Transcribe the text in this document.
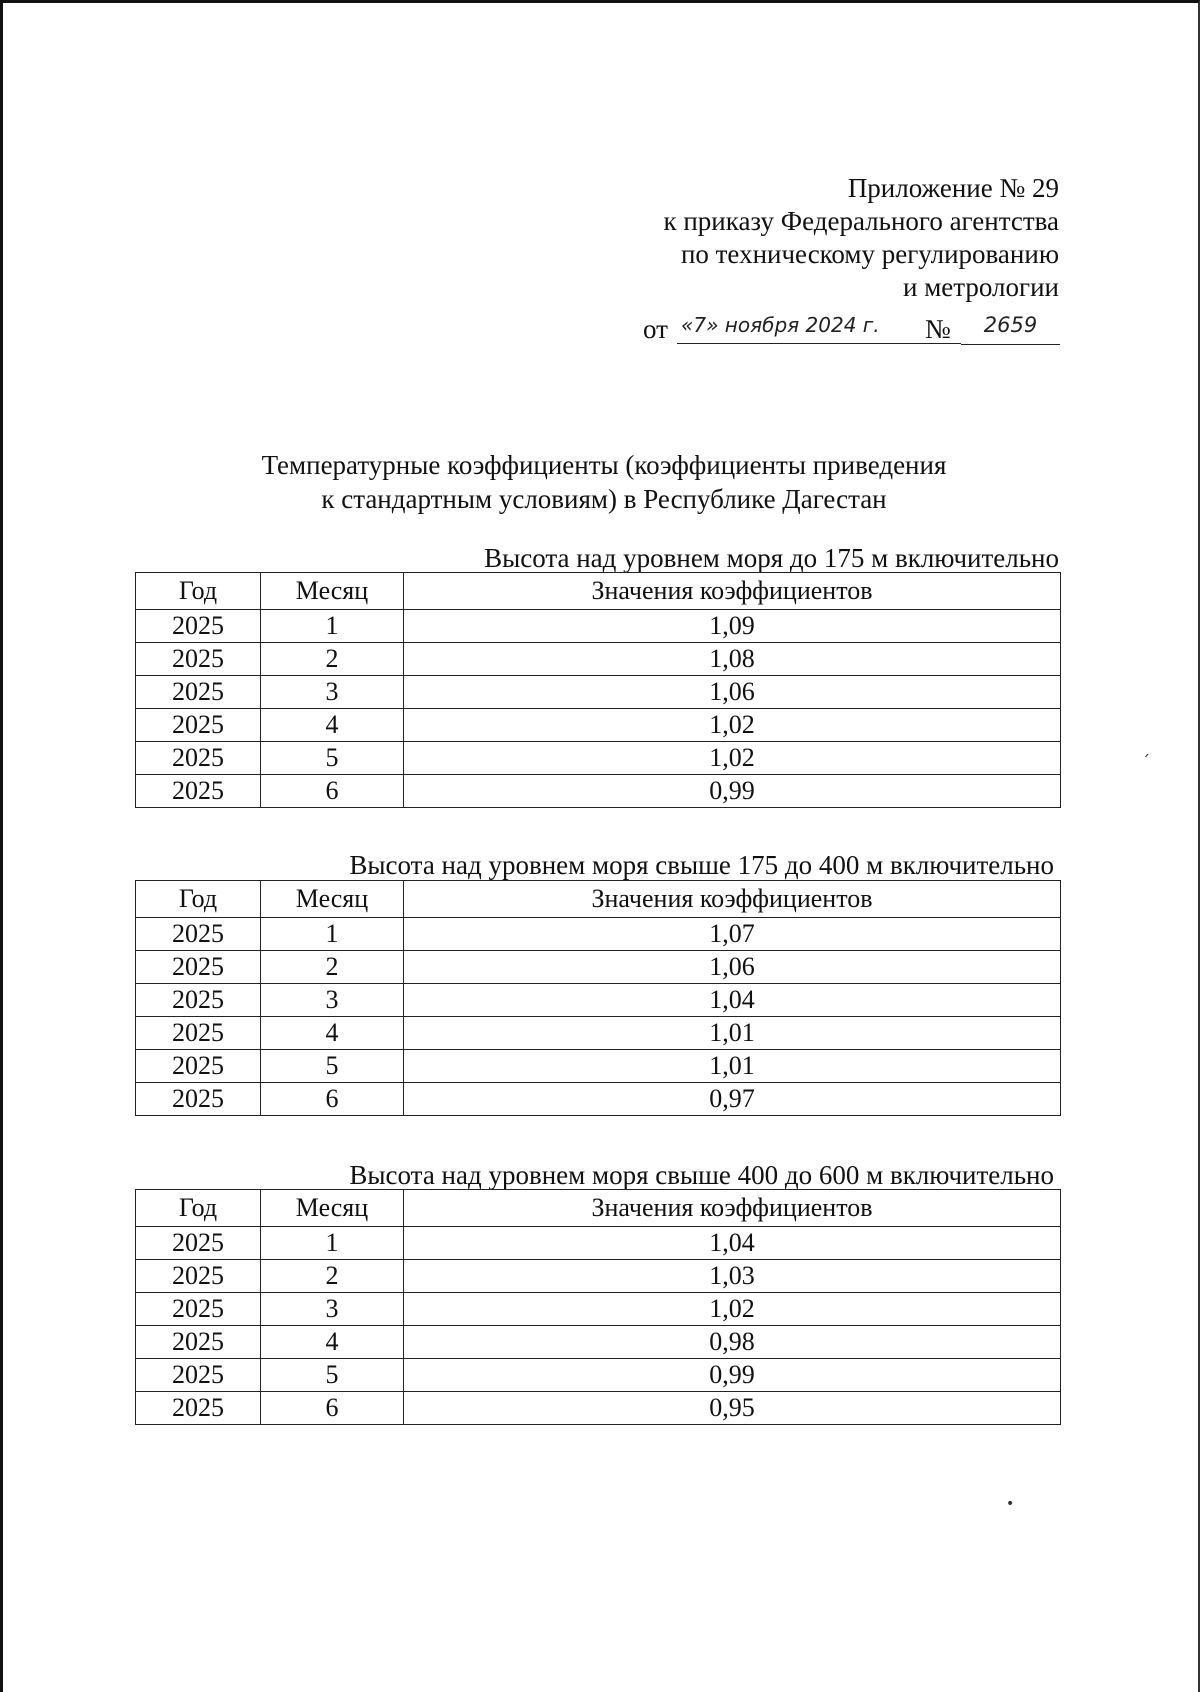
Приложение № 29
к приказу Федерального агентства
по техническому регулированию
и метрологии
от «7» ноября 2024 г.	№	2659
Температурные коэффициенты (коэффициенты приведения
к стандартным условиям) в Республике Дагестан
Высота над уровнем моря до 175 м включительно
Год	Месяц	Значения коэффициентов
2025	1	1,09
2025	2	1,08
2025	3	1,06
2025	4	1,02
2025	5	1,02
2025	6	0,99
Высота над уровнем моря свыше 175 до 400 м включительно
Год	Месяц	Значения коэффициентов
2025	1	1,07
2025	2	1,06
2025	3	1,04
2025	4	1,01
2025	5	1,01
2025	6	0,97
Высота над уровнем моря свыше 400 до 600 м включительно
Год	Месяц	Значения коэффициентов
2025	1	1,04
2025	2	1,03
2025	3	1,02
2025	4	0,98
2025	5	0,99
2025	6	0,95
ˊ
•
